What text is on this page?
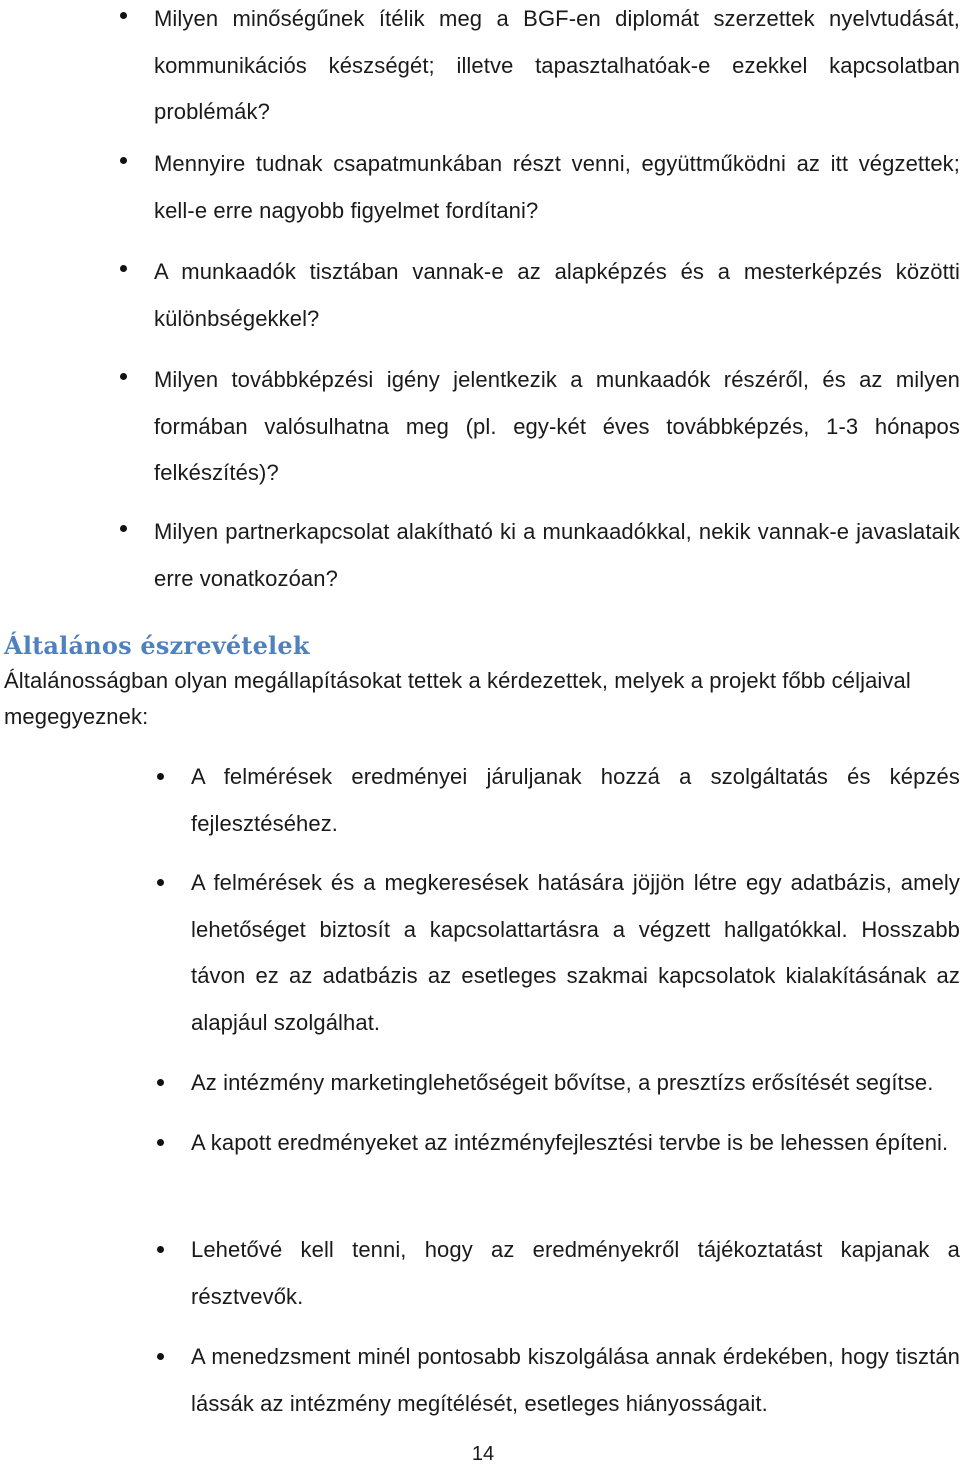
Milyen minőségűnek ítélik meg a BGF-en diplomát szerzettek nyelvtudását, kommunikációs készségét; illetve tapasztalhatóak-e ezekkel kapcsolatban problémák?
Mennyire tudnak csapatmunkában részt venni, együttműködni az itt végzettek; kell-e erre nagyobb figyelmet fordítani?
A munkaadók tisztában vannak-e az alapképzés és a mesterképzés közötti különbségekkel?
Milyen továbbképzési igény jelentkezik a munkaadók részéről, és az milyen formában valósulhatna meg (pl. egy-két éves továbbképzés, 1-3 hónapos felkészítés)?
Milyen partnerkapcsolat alakítható ki a munkaadókkal, nekik vannak-e javaslataik erre vonatkozóan?
Általános észrevételek

Általánosságban olyan megállapításokat tettek a kérdezettek, melyek a projekt főbb céljaival megegyeznek:

A felmérések eredményei járuljanak hozzá a szolgáltatás és képzés fejlesztéséhez.
A felmérések és a megkeresések hatására jöjjön létre egy adatbázis, amely lehetőséget biztosít a kapcsolattartásra a végzett hallgatókkal. Hosszabb távon ez az adatbázis az esetleges szakmai kapcsolatok kialakításának az alapjául szolgálhat.
Az intézmény marketinglehetőségeit bővítse, a presztízs erősítését segítse.
A kapott eredményeket az intézményfejlesztési tervbe is be lehessen építeni.
Lehetővé kell tenni, hogy az eredményekről tájékoztatást kapjanak a résztvevők.
A menedzsment minél pontosabb kiszolgálása annak érdekében, hogy tisztán lássák az intézmény megítélését, esetleges hiányosságait.
14
